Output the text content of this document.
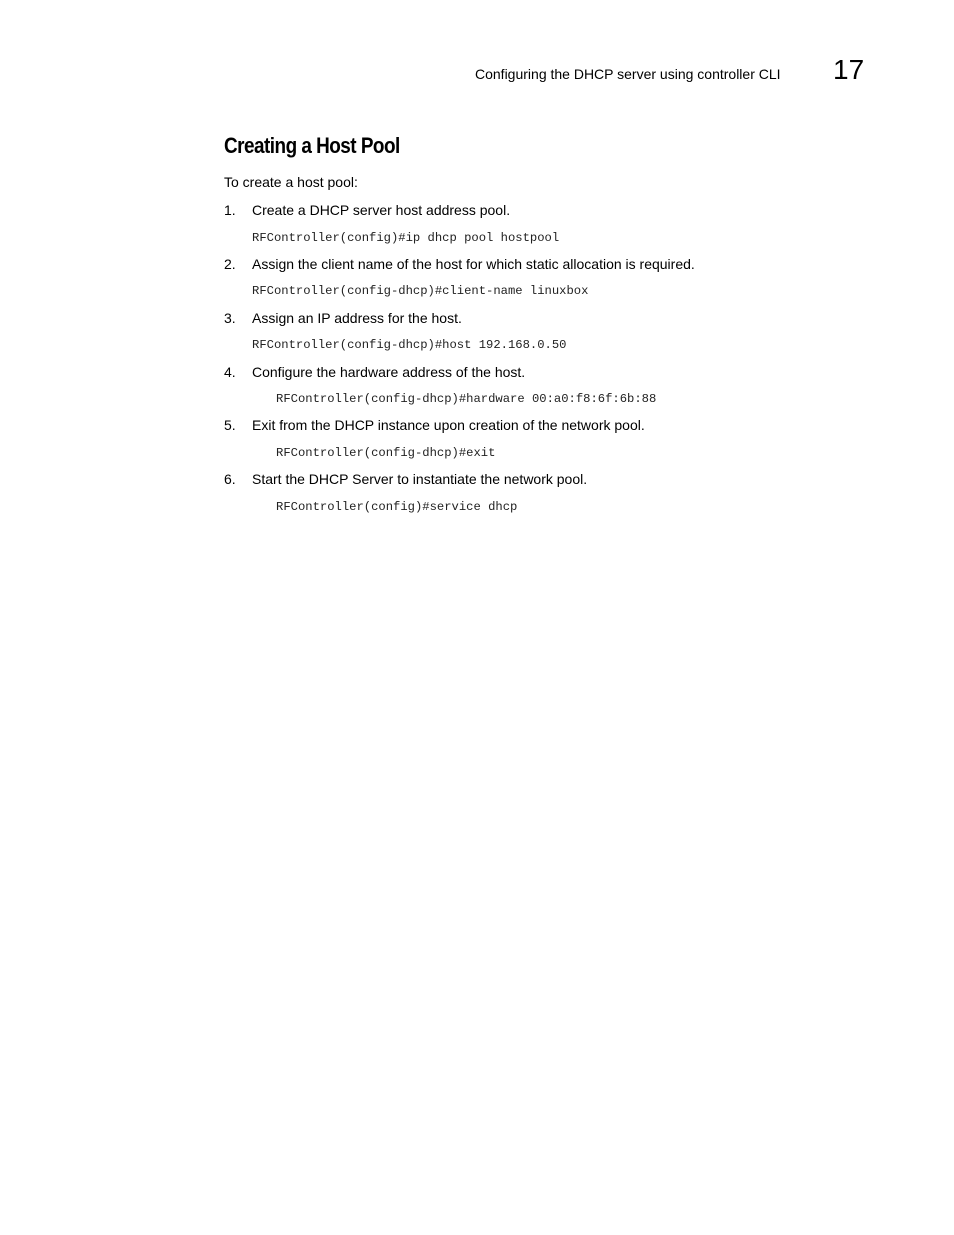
Configuring the DHCP server using controller CLI 17
Creating a Host Pool
To create a host pool:
1. Create a DHCP server host address pool.
RFController(config)#ip dhcp pool hostpool
2. Assign the client name of the host for which static allocation is required.
RFController(config-dhcp)#client-name linuxbox
3. Assign an IP address for the host.
RFController(config-dhcp)#host 192.168.0.50
4. Configure the hardware address of the host.
RFController(config-dhcp)#hardware 00:a0:f8:6f:6b:88
5. Exit from the DHCP instance upon creation of the network pool.
RFController(config-dhcp)#exit
6. Start the DHCP Server to instantiate the network pool.
RFController(config)#service dhcp
